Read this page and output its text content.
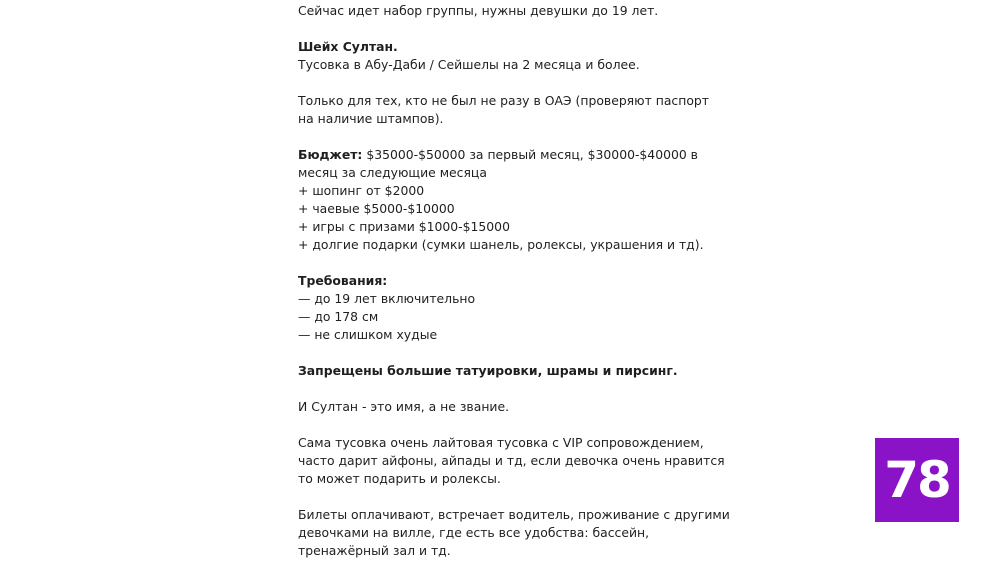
Сейчас идет набор группы, нужны девушки до 19 лет.

Шейх Султан.
Тусовка в Абу-Даби / Сейшелы на 2 месяца и более.

Только для тех, кто не был не разу в ОАЭ (проверяют паспорт на наличие штампов).

Бюджет: $35000-$50000 за первый месяц, $30000-$40000 в месяц за следующие месяца
+ шопинг от $2000
+ чаевые $5000-$10000
+ игры с призами $1000-$15000
+ долгие подарки (сумки шанель, ролексы, украшения и тд).

Требования:
— до 19 лет включительно
— до 178 см
— не слишком худые

Запрещены большие татуировки, шрамы и пирсинг.

И Султан - это имя, а не звание.

Сама тусовка очень лайтовая тусовка с VIP сопровождением,
часто дарит айфоны, айпады и тд, если девочка очень нравится
то может подарить и ролексы.

Билеты оплачивают, встречает водитель, проживание с другими
девочками на вилле, где есть все удобства: бассейн,
тренажёрный зал и тд.

78
